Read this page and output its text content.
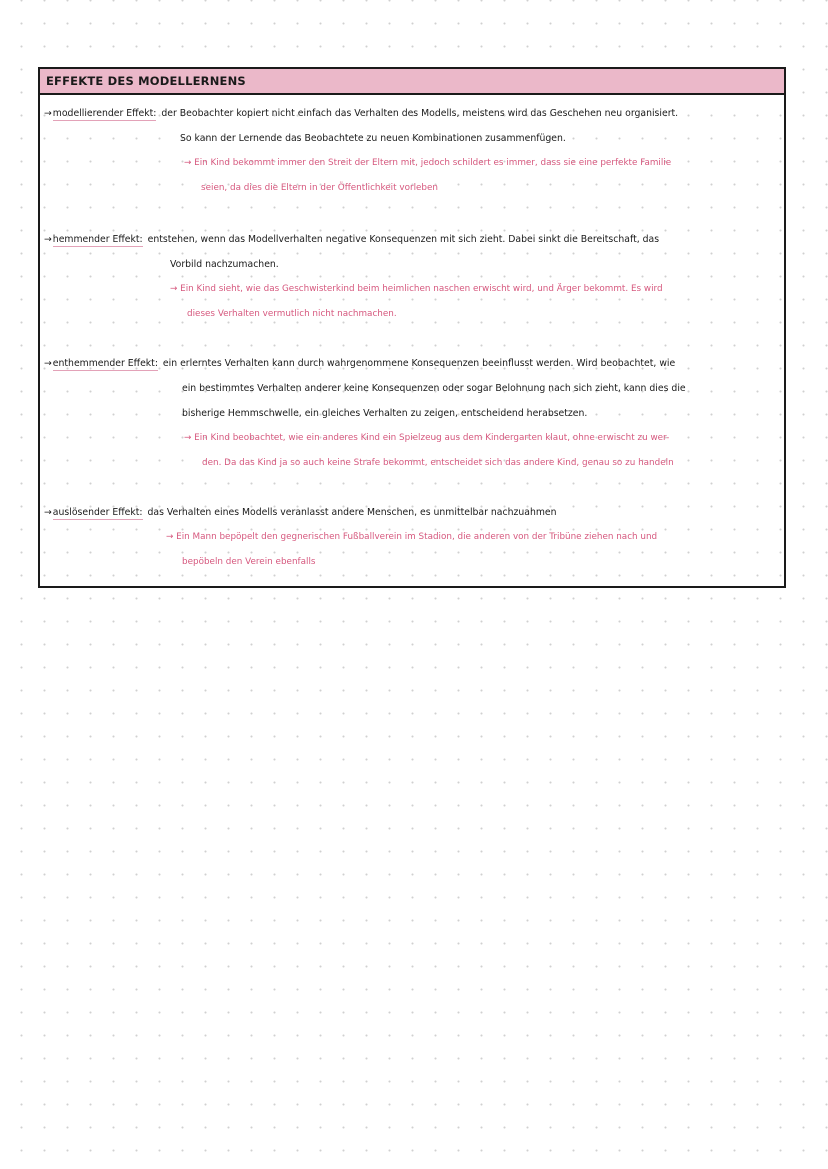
EFFEKTE DES MODELLERNENS
→modellierender Effekt: der Beobachter kopiert nicht einfach das Verhalten des Modells, meistens wird das Geschehen neu organisiert.
So kann der Lernende das Beobachtete zu neuen Kombinationen zusammenfügen.
→ Ein Kind bekommt immer den Streit der Eltern mit, jedoch schildert es immer, dass sie eine perfekte Familie
seien, da dies die Eltern in der Öffentlichkeit vorleben
→hemmender Effekt: entstehen, wenn das Modellverhalten negative Konsequenzen mit sich zieht. Dabei sinkt die Bereitschaft, das
Vorbild nachzumachen.
→ Ein Kind sieht, wie das Geschwisterkind beim heimlichen naschen erwischt wird, und Ärger bekommt. Es wird
dieses Verhalten vermutlich nicht nachmachen.
→enthemmender Effekt: ein erlerntes Verhalten kann durch wahrgenommene Konsequenzen beeinflusst werden. Wird beobachtet, wie
ein bestimmtes Verhalten anderer keine Konsequenzen oder sogar Belohnung nach sich zieht, kann dies die
bisherige Hemmschwelle, ein gleiches Verhalten zu zeigen, entscheidend herabsetzen.
→ Ein Kind beobachtet, wie ein anderes Kind ein Spielzeug aus dem Kindergarten klaut, ohne erwischt zu wer-
den. Da das Kind ja so auch keine Strafe bekommt, entscheidet sich das andere Kind, genau so zu handeln
→auslösender Effekt: das Verhalten eines Modells veranlasst andere Menschen, es unmittelbar nachzuahmen
→ Ein Mann bepöpelt den gegnerischen Fußballverein im Stadion, die anderen von der Tribüne ziehen nach und
bepöbeln den Verein ebenfalls
